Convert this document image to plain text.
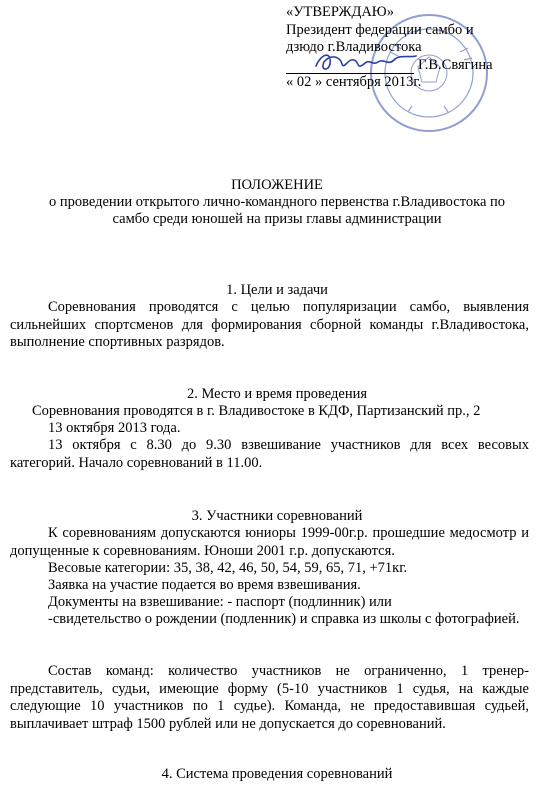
«УТВЕРЖДАЮ»
Президент федерации самбо и
дзюдо г.Владивостока
Г.В.Свягина
« 02 » сентября 2013г.
ПОЛОЖЕНИЕ
о проведении открытого лично-командного первенства г.Владивостока по
самбо среди юношей на призы главы администрации
1. Цели и задачи
Соревнования проводятся с целью популяризации самбо, выявления сильнейших спортсменов для формирования сборной команды г.Владивостока, выполнение спортивных разрядов.
2. Место и время проведения
Соревнования проводятся в г. Владивостоке в КДФ, Партизанский пр., 2
13 октября 2013 года.
13 октября с 8.30 до 9.30 взвешивание участников для всех весовых категорий. Начало соревнований в 11.00.
3. Участники соревнований
К соревнованиям допускаются юниоры 1999-00г.р. прошедшие медосмотр и допущенные к соревнованиям. Юноши 2001 г.р. допускаются.
Весовые категории: 35, 38, 42, 46, 50, 54, 59, 65, 71, +71кг.
Заявка на участие подается во время взвешивания.
Документы на взвешивание: - паспорт (подлинник) или
-свидетельство о рождении (подленник) и справка из школы с фотографией.
Состав команд: количество участников не ограниченно, 1 тренер-представитель, судьи, имеющие форму (5-10 участников 1 судья, на каждые следующие 10 участников по 1 судье). Команда, не предоставившая судьей, выплачивает штраф 1500 рублей или не допускается до соревнований.
4. Система проведения соревнований
